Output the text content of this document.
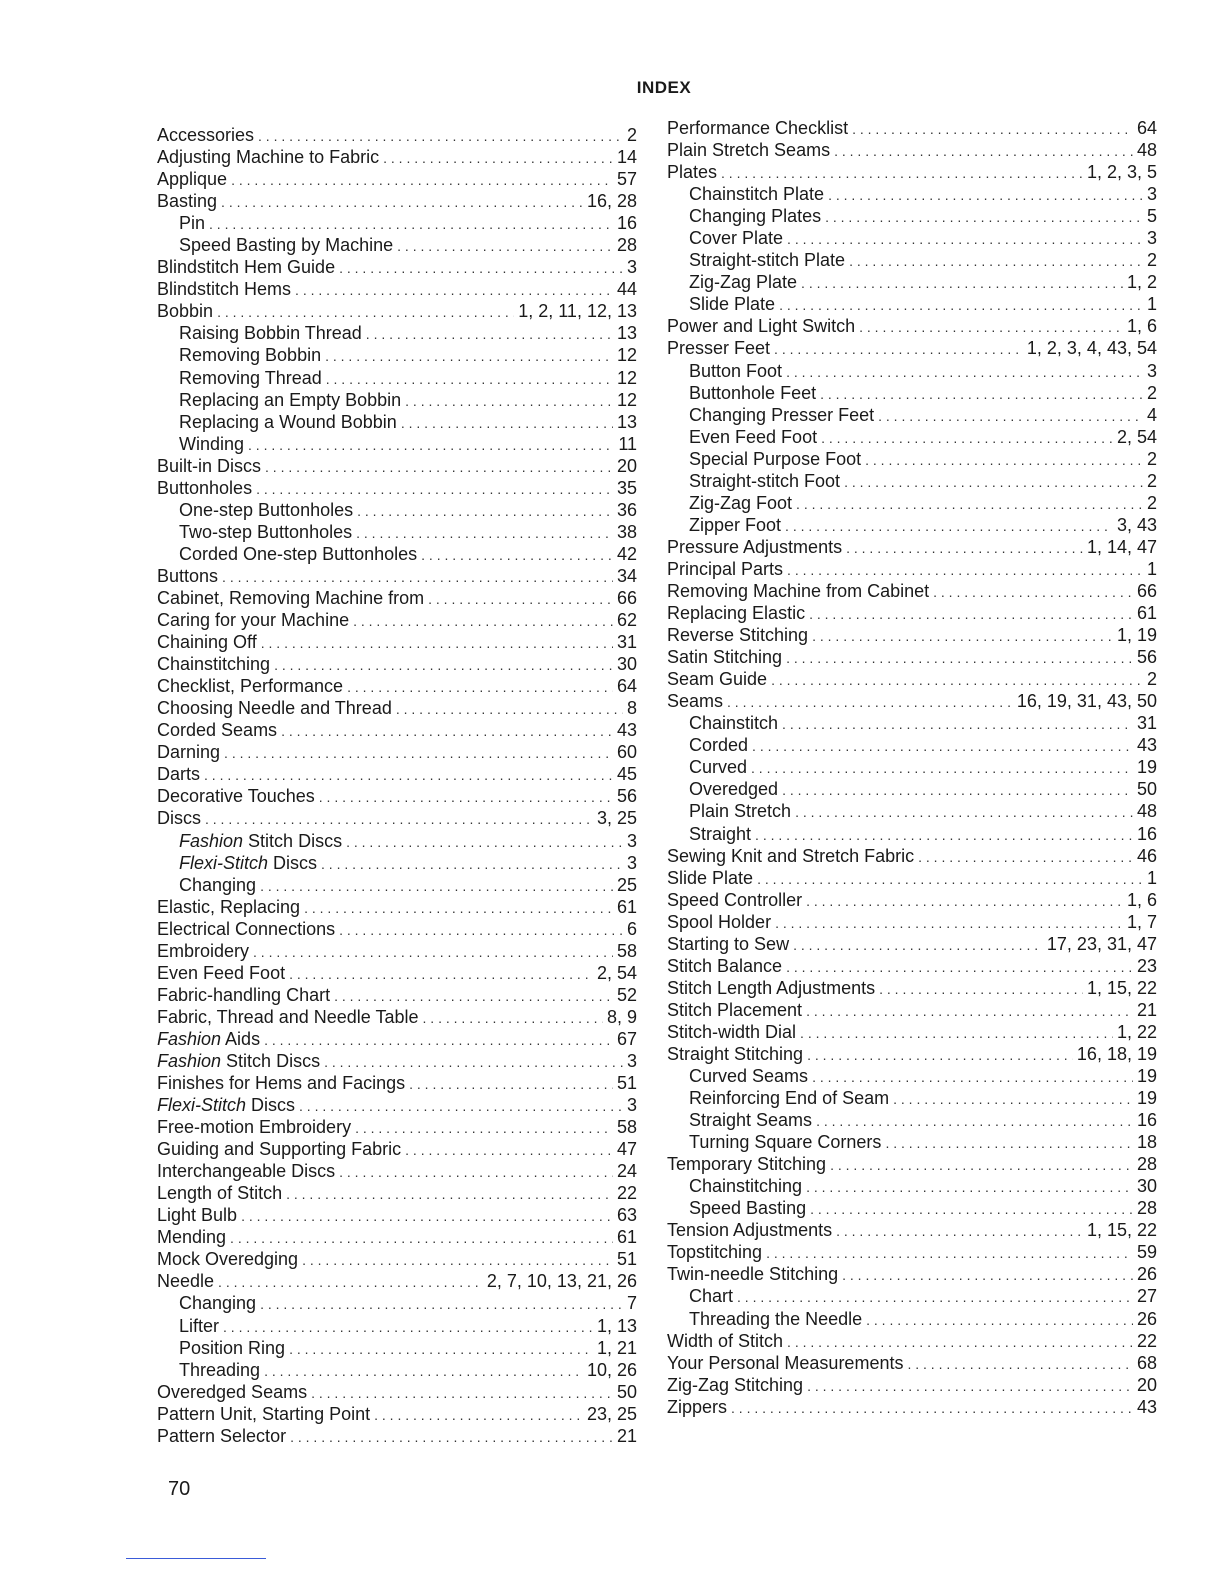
INDEX
Accessories . . .	2
Adjusting Machine to Fabric . . .	14
Applique . . .	57
Basting . . .	16, 28
Pin . . .	16
Speed Basting by Machine . . .	28
Blindstitch Hem Guide . . .	3
Blindstitch Hems . . .	44
Bobbin . . .	1, 2, 11, 12, 13
Raising Bobbin Thread . . .	13
Removing Bobbin . . .	12
Removing Thread . . .	12
Replacing an Empty Bobbin . . .	12
Replacing a Wound Bobbin . . .	13
Winding . . .	11
Built-in Discs . . .	20
Buttonholes . . .	35
One-step Buttonholes . . .	36
Two-step Buttonholes . . .	38
Corded One-step Buttonholes . . .	42
Buttons . . .	34
Cabinet, Removing Machine from . . .	66
Caring for your Machine . . .	62
Chaining Off . . .	31
Chainstitching . . .	30
Checklist, Performance . . .	64
Choosing Needle and Thread . . .	8
Corded Seams . . .	43
Darning . . .	60
Darts . . .	45
Decorative Touches . . .	56
Discs . . .	3, 25
Fashion Stitch Discs . . .	3
Flexi-Stitch Discs . . .	3
Changing . . .	25
Elastic, Replacing . . .	61
Electrical Connections . . .	6
Embroidery . . .	58
Even Feed Foot . . .	2, 54
Fabric-handling Chart . . .	52
Fabric, Thread and Needle Table . . .	8, 9
Fashion Aids . . .	67
Fashion Stitch Discs . . .	3
Finishes for Hems and Facings . . .	51
Flexi-Stitch Discs . . .	3
Free-motion Embroidery . . .	58
Guiding and Supporting Fabric . . .	47
Interchangeable Discs . . .	24
Length of Stitch . . .	22
Light Bulb . . .	63
Mending . . .	61
Mock Overedging . . .	51
Needle . . .	2, 7, 10, 13, 21, 26
Changing . . .	7
Lifter . . .	1, 13
Position Ring . . .	1, 21
Threading . . .	10, 26
Overedged Seams . . .	50
Pattern Unit, Starting Point . . .	23, 25
Pattern Selector . . .	21
Performance Checklist . . .	64
Plain Stretch Seams . . .	48
Plates . . .	1, 2, 3, 5
Chainstitch Plate . . .	3
Changing Plates . . .	5
Cover Plate . . .	3
Straight-stitch Plate . . .	2
Zig-Zag Plate . . .	1, 2
Slide Plate . . .	1
Power and Light Switch . . .	1, 6
Presser Feet . . .	1, 2, 3, 4, 43, 54
Button Foot . . .	3
Buttonhole Feet . . .	2
Changing Presser Feet . . .	4
Even Feed Foot . . .	2, 54
Special Purpose Foot . . .	2
Straight-stitch Foot . . .	2
Zig-Zag Foot . . .	2
Zipper Foot . . .	3, 43
Pressure Adjustments . . .	1, 14, 47
Principal Parts . . .	1
Removing Machine from Cabinet . . .	66
Replacing Elastic . . .	61
Reverse Stitching . . .	1, 19
Satin Stitching . . .	56
Seam Guide . . .	2
Seams . . .	16, 19, 31, 43, 50
Chainstitch . . .	31
Corded . . .	43
Curved . . .	19
Overedged . . .	50
Plain Stretch . . .	48
Straight . . .	16
Sewing Knit and Stretch Fabric . . .	46
Slide Plate . . .	1
Speed Controller . . .	1, 6
Spool Holder . . .	1, 7
Starting to Sew . . .	17, 23, 31, 47
Stitch Balance . . .	23
Stitch Length Adjustments . . .	1, 15, 22
Stitch Placement . . .	21
Stitch-width Dial . . .	1, 22
Straight Stitching . . .	16, 18, 19
Curved Seams . . .	19
Reinforcing End of Seam . . .	19
Straight Seams . . .	16
Turning Square Corners . . .	18
Temporary Stitching . . .	28
Chainstitching . . .	30
Speed Basting . . .	28
Tension Adjustments . . .	1, 15, 22
Topstitching . . .	59
Twin-needle Stitching . . .	26
Chart . . .	27
Threading the Needle . . .	26
Width of Stitch . . .	22
Your Personal Measurements . . .	68
Zig-Zag Stitching . . .	20
Zippers . . .	43
70
